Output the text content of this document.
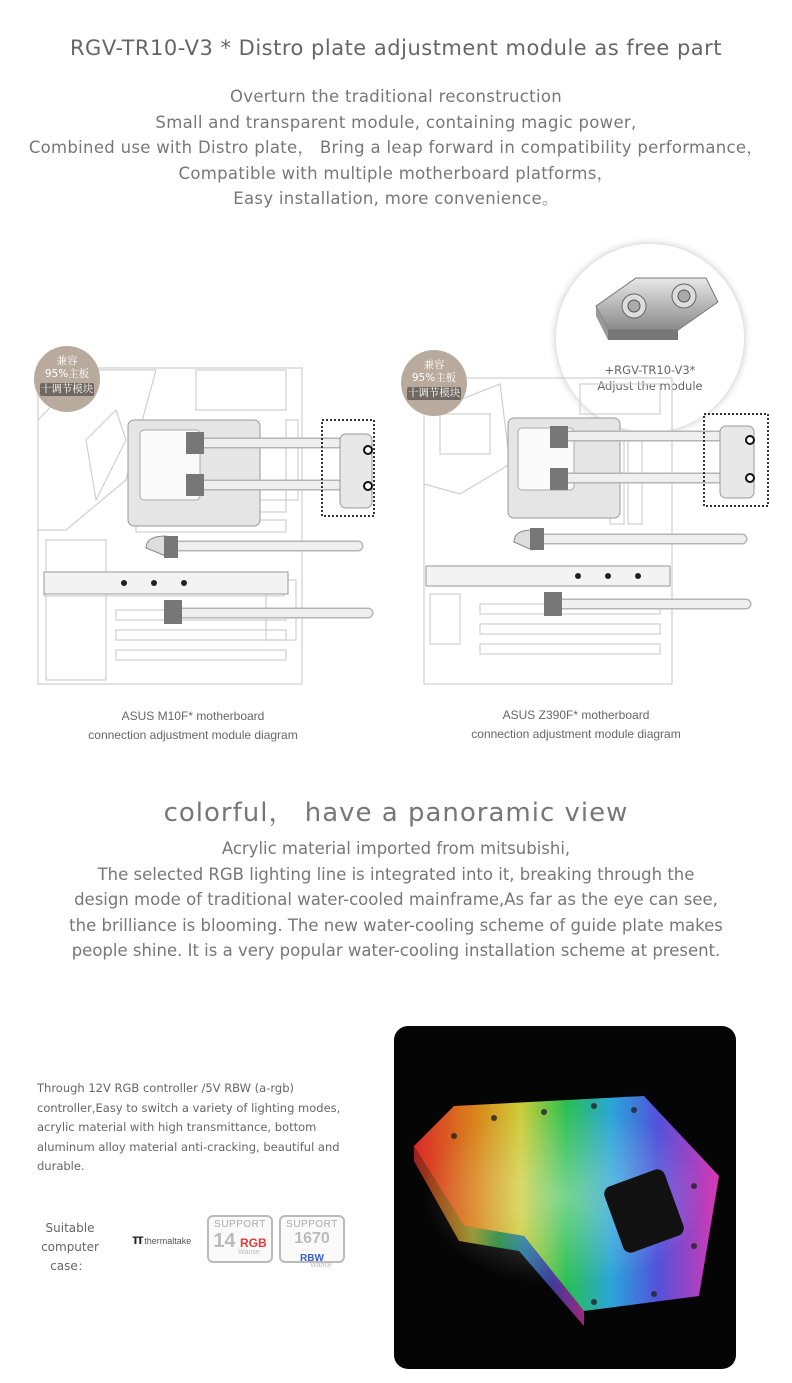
RGV-TR10-V3 * Distro plate adjustment module as free part
Overturn the traditional reconstruction
Small and transparent module, containing magic power,
Combined use with Distro plate， Bring a leap forward in compatibility performance，
Compatible with multiple motherboard platforms，
Easy installation, more convenience。
+RGV-TR10-V3*
Adjust the module
兼容
95%主板
十调节模块
ASUS M10F* motherboard
connection adjustment module diagram
兼容
95%主板
十调节模块
ASUS Z390F* motherboard
connection adjustment module diagram
colorful， have a panoramic view
Acrylic material imported from mitsubishi,
The selected RGB lighting line is integrated into it, breaking through the
design mode of traditional water-cooled mainframe,As far as the eye can see,
the brilliance is blooming. The new water-cooling scheme of guide plate makes
people shine. It is a very popular water-cooling installation scheme at present.
Through 12V RGB controller /5V RBW (a-rgb)
controller,Easy to switch a variety of lighting modes,
acrylic material with high transmittance, bottom
aluminum alloy material anti-cracking, beautiful and
durable.
Suitable
computer case：
ᴛᴛ thermaltake
SUPPORT
14 RGB
Wanse
SUPPORT
1670 RBW
Wanse
